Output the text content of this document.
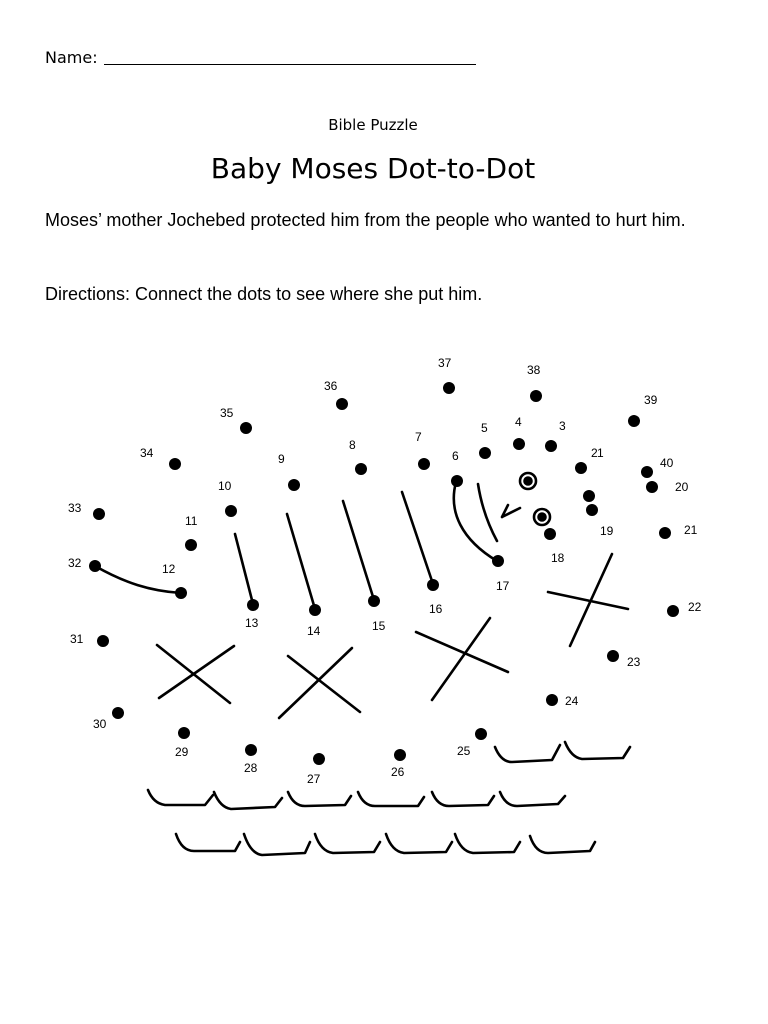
Name:
Bible Puzzle
Baby Moses Dot-to-Dot
Moses’ mother Jochebed protected him from the people who wanted to hurt him.
Directions: Connect the dots to see where she put him.
1
2
3
4
5
6
7
8
9
10
11
12
13
14	15
16
17
18
19
20
21
22
23
24
25
26
27
28
29
30
31
32
33
34
35
36
37	38
39
40
